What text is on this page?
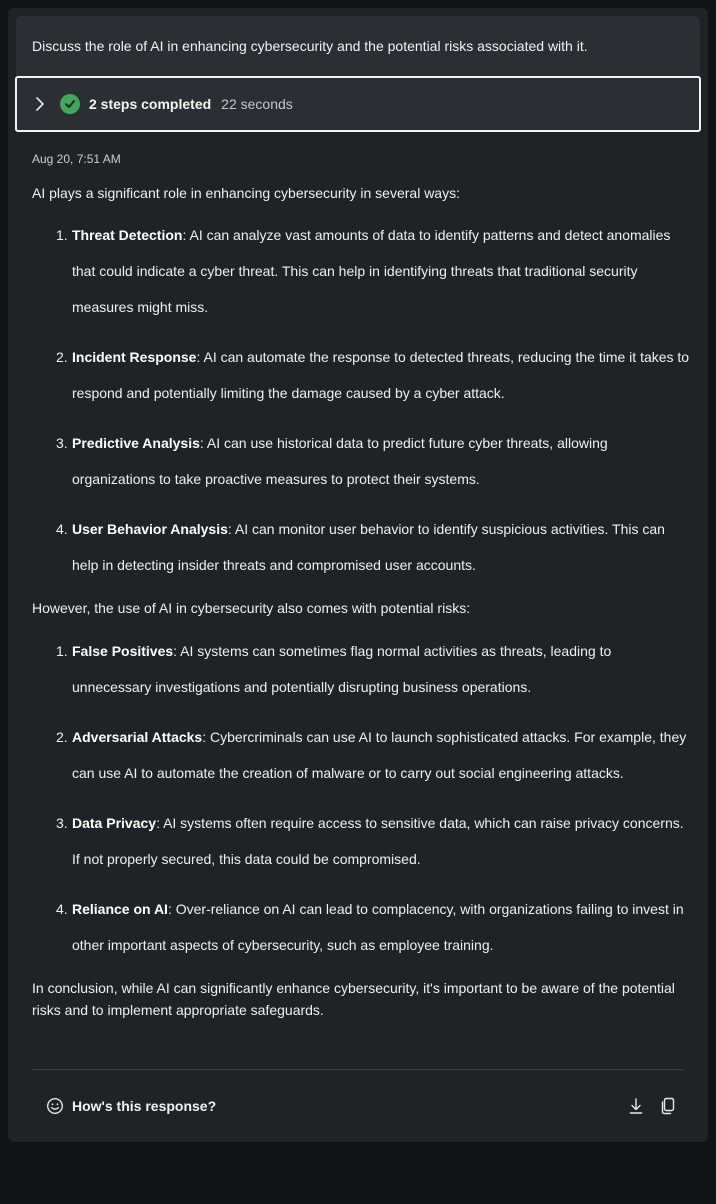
Discuss the role of AI in enhancing cybersecurity and the potential risks associated with it.
2 steps completed 22 seconds
Aug 20, 7:51 AM
AI plays a significant role in enhancing cybersecurity in several ways:
1. Threat Detection: AI can analyze vast amounts of data to identify patterns and detect anomalies that could indicate a cyber threat. This can help in identifying threats that traditional security measures might miss.
2. Incident Response: AI can automate the response to detected threats, reducing the time it takes to respond and potentially limiting the damage caused by a cyber attack.
3. Predictive Analysis: AI can use historical data to predict future cyber threats, allowing organizations to take proactive measures to protect their systems.
4. User Behavior Analysis: AI can monitor user behavior to identify suspicious activities. This can help in detecting insider threats and compromised user accounts.
However, the use of AI in cybersecurity also comes with potential risks:
1. False Positives: AI systems can sometimes flag normal activities as threats, leading to unnecessary investigations and potentially disrupting business operations.
2. Adversarial Attacks: Cybercriminals can use AI to launch sophisticated attacks. For example, they can use AI to automate the creation of malware or to carry out social engineering attacks.
3. Data Privacy: AI systems often require access to sensitive data, which can raise privacy concerns. If not properly secured, this data could be compromised.
4. Reliance on AI: Over-reliance on AI can lead to complacency, with organizations failing to invest in other important aspects of cybersecurity, such as employee training.
In conclusion, while AI can significantly enhance cybersecurity, it's important to be aware of the potential risks and to implement appropriate safeguards.
How's this response?
